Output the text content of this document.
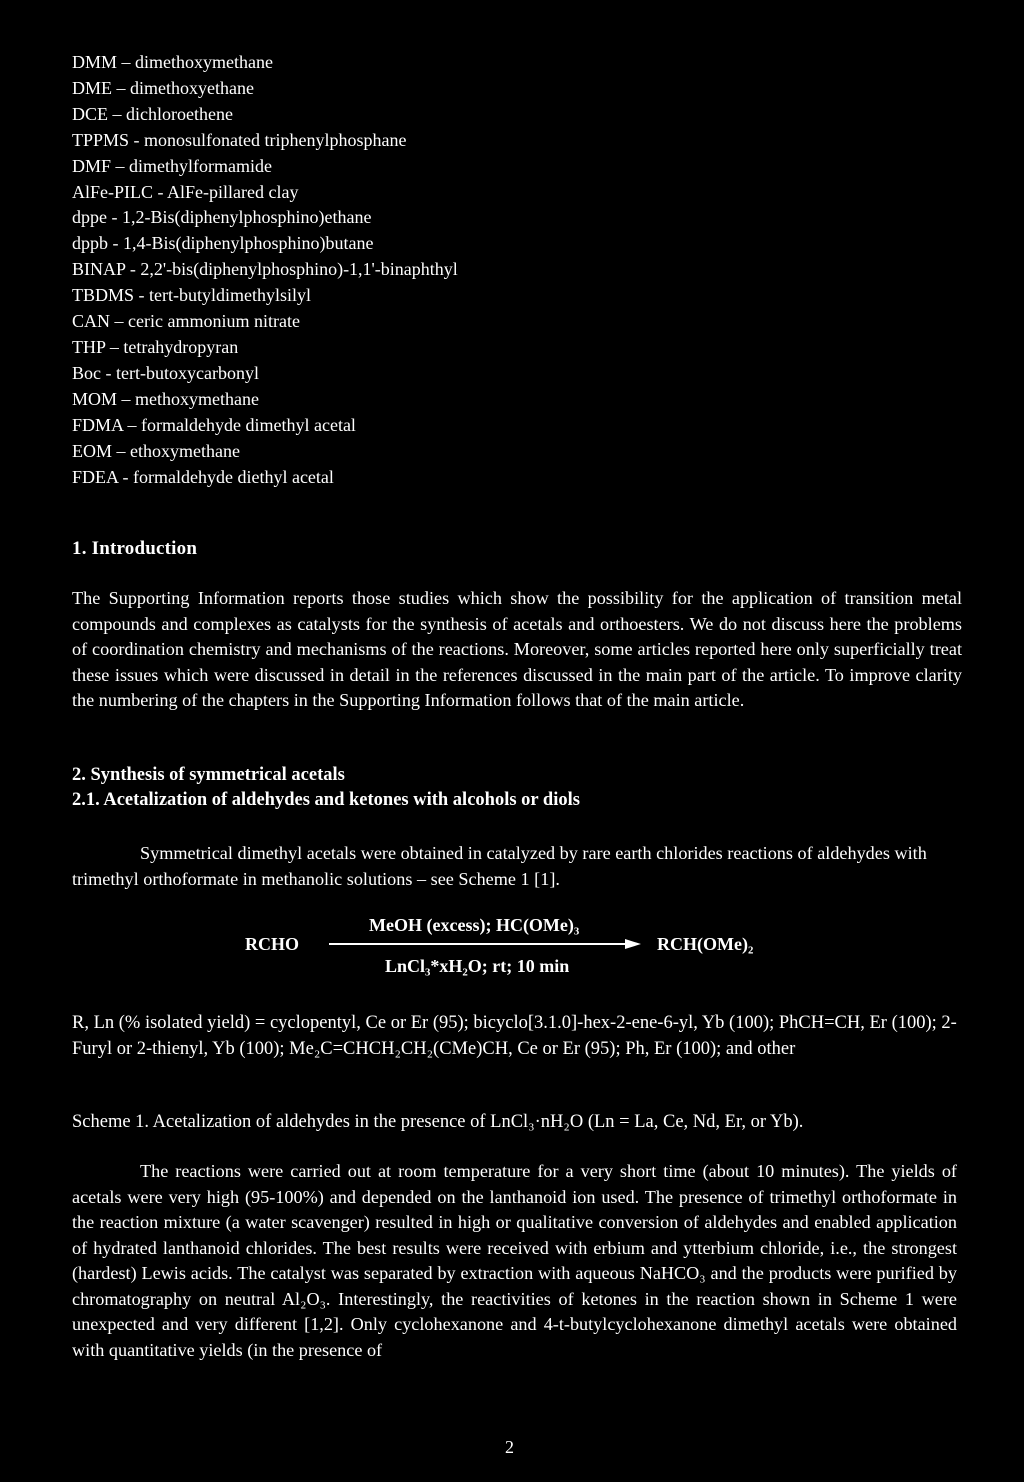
DMM – dimethoxymethane
DME – dimethoxyethane
DCE – dichloroethene
TPPMS - monosulfonated triphenylphosphane
DMF – dimethylformamide
AlFe-PILC - AlFe-pillared clay
dppe - 1,2-Bis(diphenylphosphino)ethane
dppb - 1,4-Bis(diphenylphosphino)butane
BINAP - 2,2'-bis(diphenylphosphino)-1,1'-binaphthyl
TBDMS - tert-butyldimethylsilyl
CAN – ceric ammonium nitrate
THP – tetrahydropyran
Boc - tert-butoxycarbonyl
MOM – methoxymethane
FDMA – formaldehyde dimethyl acetal
EOM – ethoxymethane
FDEA - formaldehyde diethyl acetal
1. Introduction
The Supporting Information reports those studies which show the possibility for the application of transition metal compounds and complexes as catalysts for the synthesis of acetals and orthoesters. We do not discuss here the problems of coordination chemistry and mechanisms of the reactions. Moreover, some articles reported here only superficially treat these issues which were discussed in detail in the references discussed in the main part of the article. To improve clarity the numbering of the chapters in the Supporting Information follows that of the main article.
2. Synthesis of symmetrical acetals
2.1. Acetalization of aldehydes and ketones with alcohols or diols
Symmetrical dimethyl acetals were obtained in catalyzed by rare earth chlorides reactions of aldehydes with trimethyl orthoformate in methanolic solutions – see Scheme 1 [1].
RCHO
MeOH (excess); HC(OMe)₃
LnCl₃*xH₂O; rt; 10 min
RCH(OMe)₂
R, Ln (% isolated yield) = cyclopentyl, Ce or Er (95); bicyclo[3.1.0]-hex-2-ene-6-yl, Yb (100); PhCH=CH, Er (100); 2-Furyl or 2-thienyl, Yb (100); Me₂C=CHCH₂CH₂(CMe)CH, Ce or Er (95); Ph, Er (100); and other
Scheme 1. Acetalization of aldehydes in the presence of LnCl₃·nH₂O (Ln = La, Ce, Nd, Er, or Yb).
The reactions were carried out at room temperature for a very short time (about 10 minutes). The yields of acetals were very high (95-100%) and depended on the lanthanoid ion used. The presence of trimethyl orthoformate in the reaction mixture (a water scavenger) resulted in high or qualitative conversion of aldehydes and enabled application of hydrated lanthanoid chlorides. The best results were received with erbium and ytterbium chloride, i.e., the strongest (hardest) Lewis acids. The catalyst was separated by extraction with aqueous NaHCO₃ and the products were purified by chromatography on neutral Al₂O₃. Interestingly, the reactivities of ketones in the reaction shown in Scheme 1 were unexpected and very different [1,2]. Only cyclohexanone and 4-t-butylcyclohexanone dimethyl acetals were obtained with quantitative yields (in the presence of
2
